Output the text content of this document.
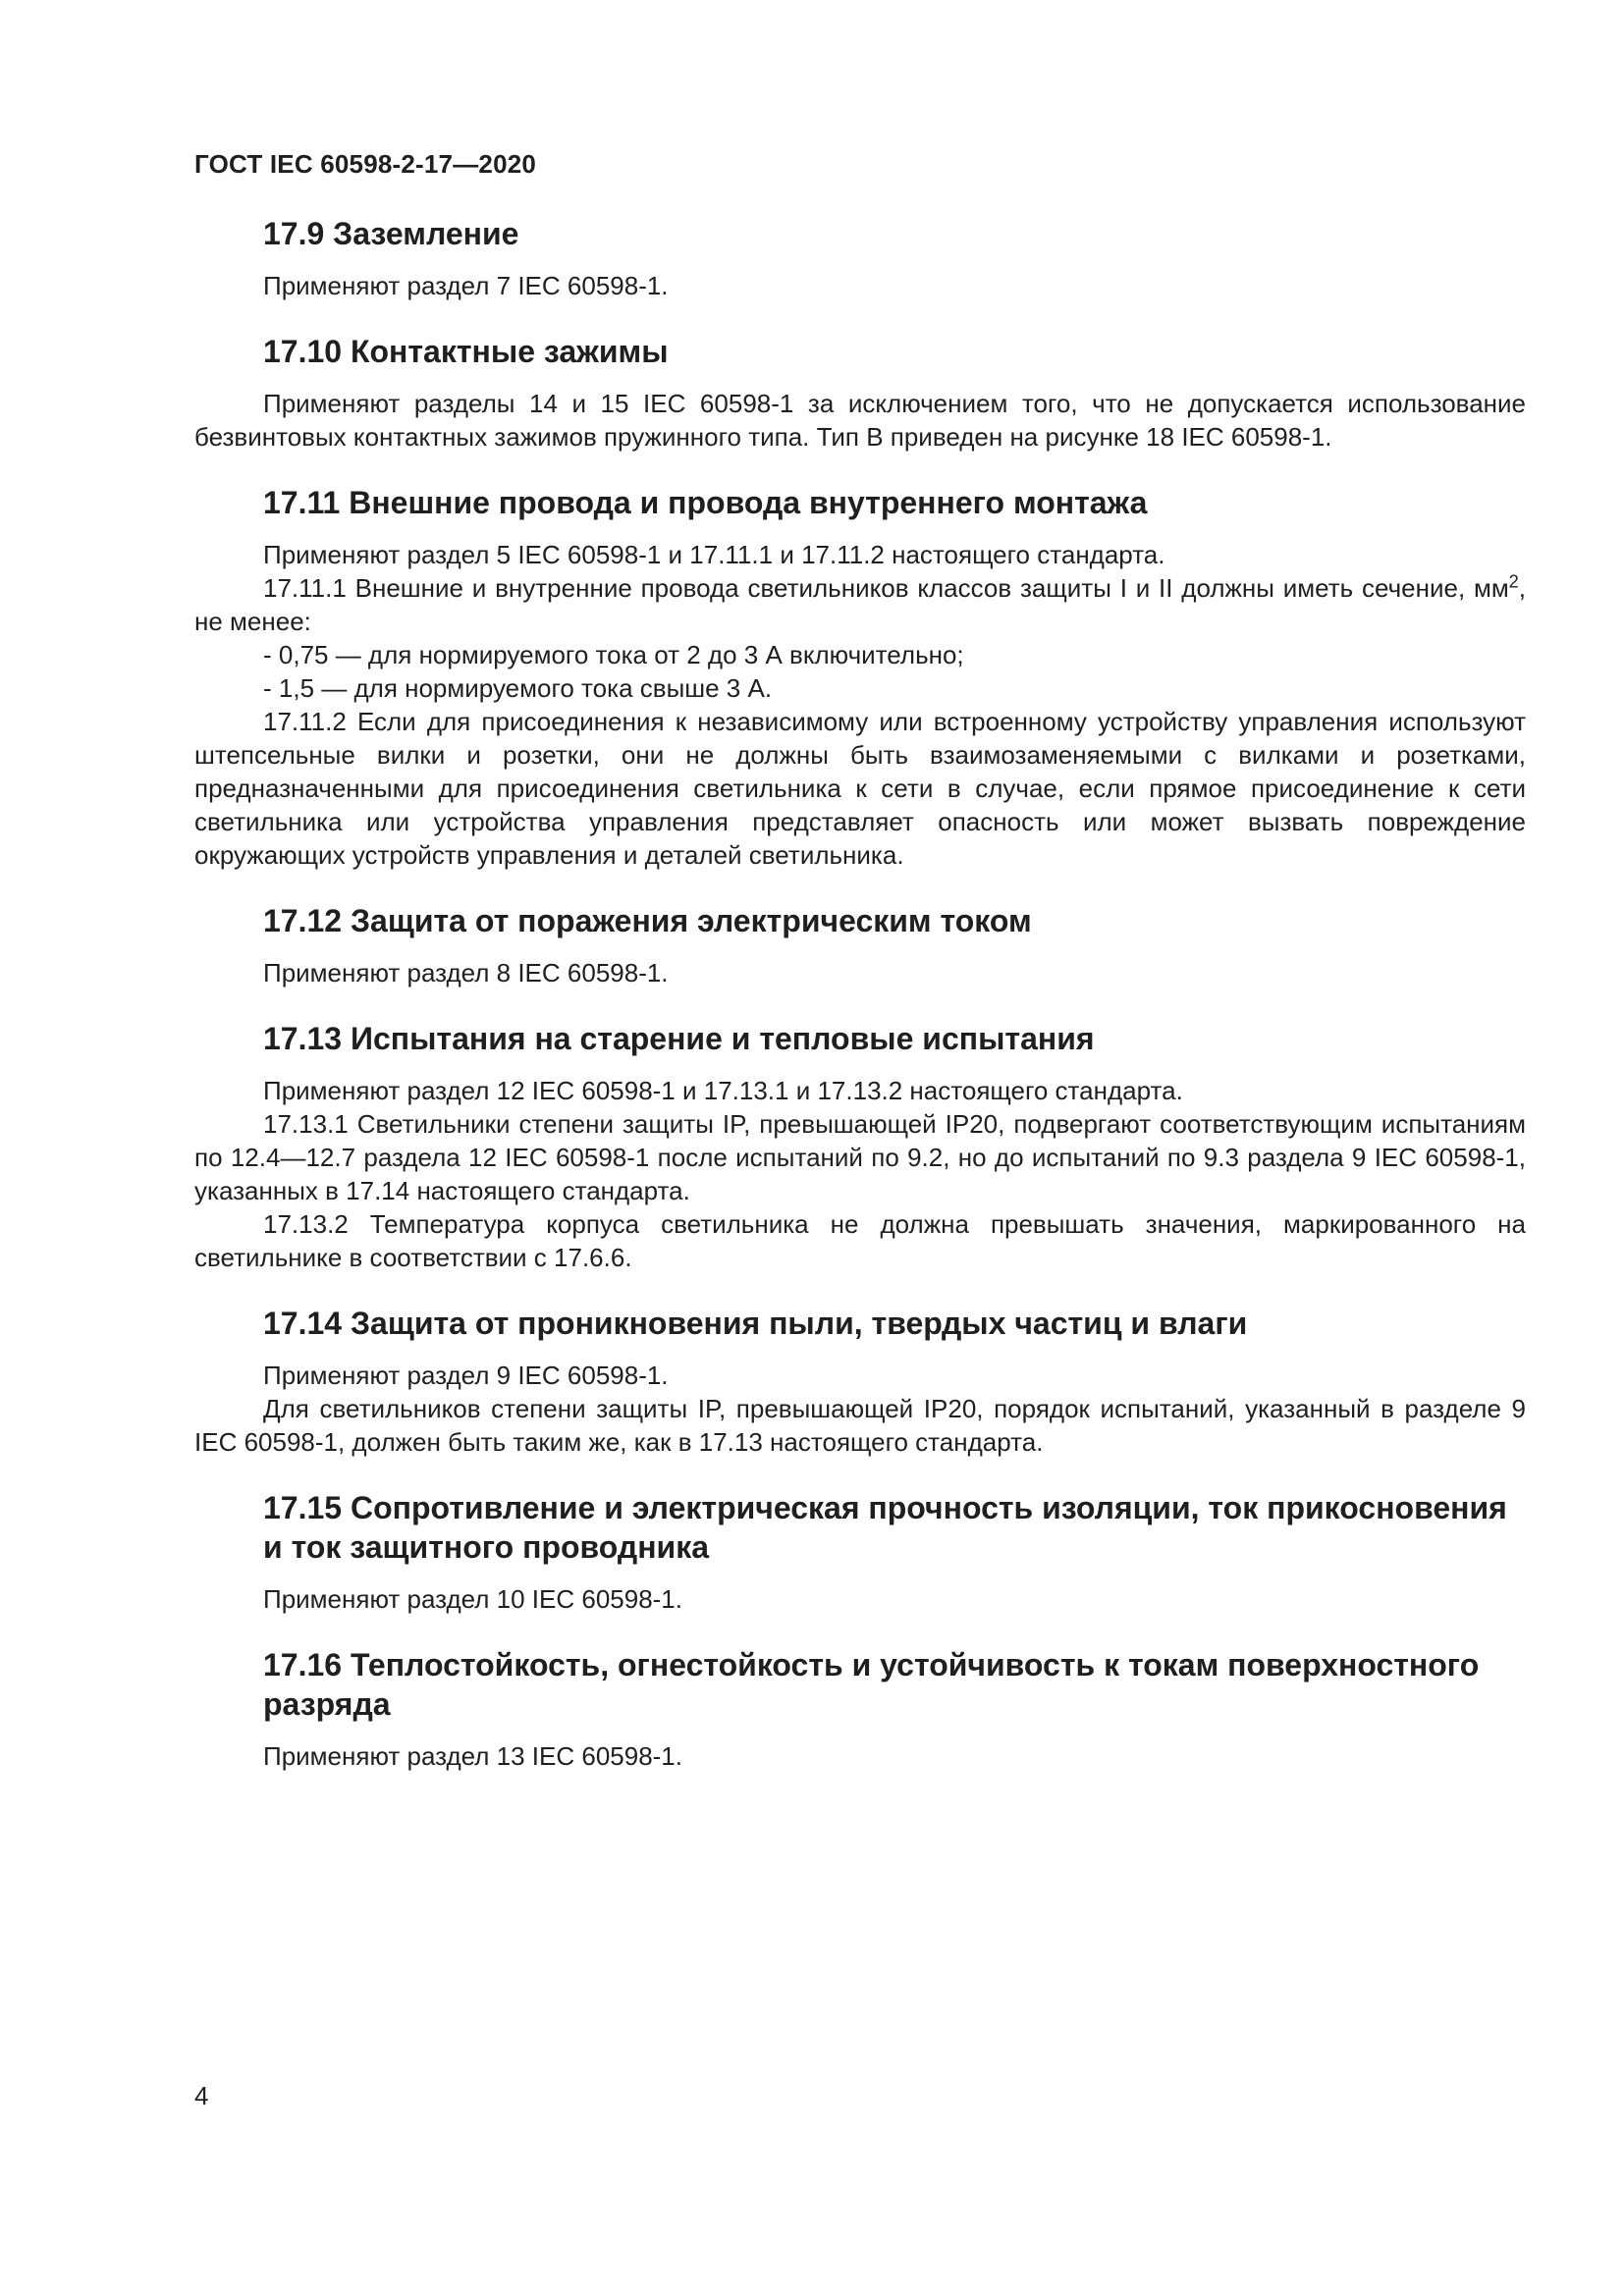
ГОСТ IEC 60598-2-17—2020
17.9 Заземление

Применяют раздел 7 IEC 60598-1.

17.10 Контактные зажимы

Применяют разделы 14 и 15 IEC 60598-1 за исключением того, что не допускается использование безвинтовых контактных зажимов пружинного типа. Тип В приведен на рисунке 18 IEC 60598-1.

17.11 Внешние провода и провода внутреннего монтажа

Применяют раздел 5 IEC 60598-1 и 17.11.1 и 17.11.2 настоящего стандарта.

17.11.1 Внешние и внутренние провода светильников классов защиты I и II должны иметь сечение, $мм^2$, не менее:

- 0,75 — для нормируемого тока от 2 до 3 А включительно;
- 1,5 — для нормируемого тока свыше 3 А.

17.11.2 Если для присоединения к независимому или встроенному устройству управления используют штепсельные вилки и розетки, они не должны быть взаимозаменяемыми с вилками и розетками, предназначенными для присоединения светильника к сети в случае, если прямое присоединение к сети светильника или устройства управления представляет опасность или может вызвать повреждение окружающих устройств управления и деталей светильника.

17.12 Защита от поражения электрическим током

Применяют раздел 8 IEC 60598-1.

17.13 Испытания на старение и тепловые испытания

Применяют раздел 12 IEC 60598-1 и 17.13.1 и 17.13.2 настоящего стандарта.

17.13.1 Светильники степени защиты IP, превышающей IP20, подвергают соответствующим испытаниям по 12.4—12.7 раздела 12 IEC 60598-1 после испытаний по 9.2, но до испытаний по 9.3 раздела 9 IEC 60598-1, указанных в 17.14 настоящего стандарта.

17.13.2 Температура корпуса светильника не должна превышать значения, маркированного на светильнике в соответствии с 17.6.6.

17.14 Защита от проникновения пыли, твердых частиц и влаги

Применяют раздел 9 IEC 60598-1.

Для светильников степени защиты IP, превышающей IP20, порядок испытаний, указанный в разделе 9 IEC 60598-1, должен быть таким же, как в 17.13 настоящего стандарта.

17.15 Сопротивление и электрическая прочность изоляции, ток прикосновения и ток защитного проводника

Применяют раздел 10 IEC 60598-1.

17.16 Теплостойкость, огнестойкость и устойчивость к токам поверхностного разряда

Применяют раздел 13 IEC 60598-1.

4
